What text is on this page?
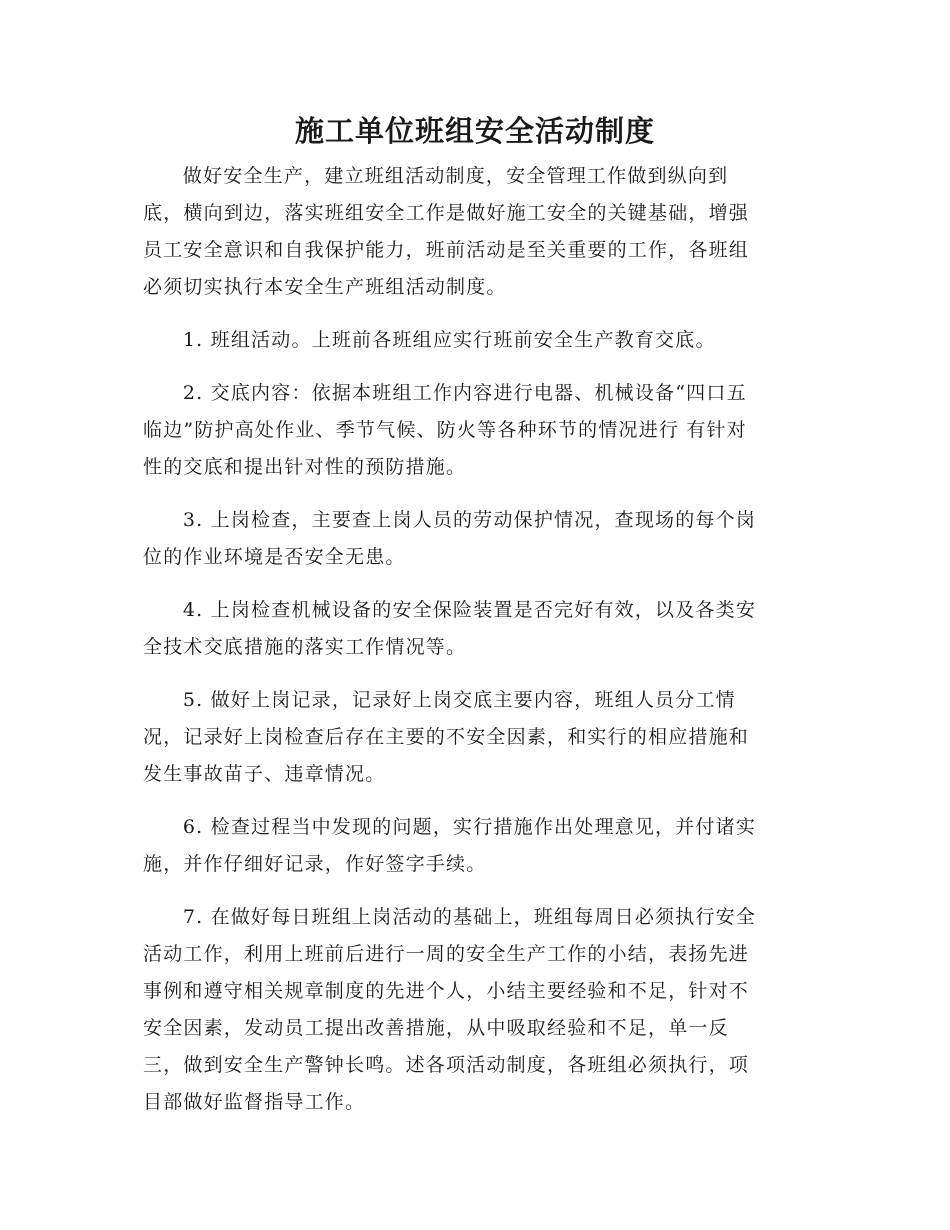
施工单位班组安全活动制度

做好安全生产，建立班组活动制度，安全管理工作做到纵向到
底，横向到边，落实班组安全工作是做好施工安全的关键基础，增强
员工安全意识和自我保护能力，班前活动是至关重要的工作，各班组
必须切实执行本安全生产班组活动制度。

1. 班组活动。上班前各班组应实行班前安全生产教育交底。

2. 交底内容：依据本班组工作内容进行电器、机械设备“四口五
临边”防护高处作业、季节气候、防火等各种环节的情况进行 有针对
性的交底和提出针对性的预防措施。

3. 上岗检查，主要查上岗人员的劳动保护情况，查现场的每个岗
位的作业环境是否安全无患。

4. 上岗检查机械设备的安全保险装置是否完好有效，以及各类安
全技术交底措施的落实工作情况等。

5. 做好上岗记录，记录好上岗交底主要内容，班组人员分工情
况，记录好上岗检查后存在主要的不安全因素，和实行的相应措施和
发生事故苗子、违章情况。

6. 检查过程当中发现的问题，实行措施作出处理意见，并付诸实
施，并作仔细好记录，作好签字手续。

7. 在做好每日班组上岗活动的基础上，班组每周日必须执行安全
活动工作，利用上班前后进行一周的安全生产工作的小结，表扬先进
事例和遵守相关规章制度的先进个人，小结主要经验和不足，针对不
安全因素，发动员工提出改善措施，从中吸取经验和不足，单一反
三，做到安全生产警钟长鸣。述各项活动制度，各班组必须执行，项
目部做好监督指导工作。
